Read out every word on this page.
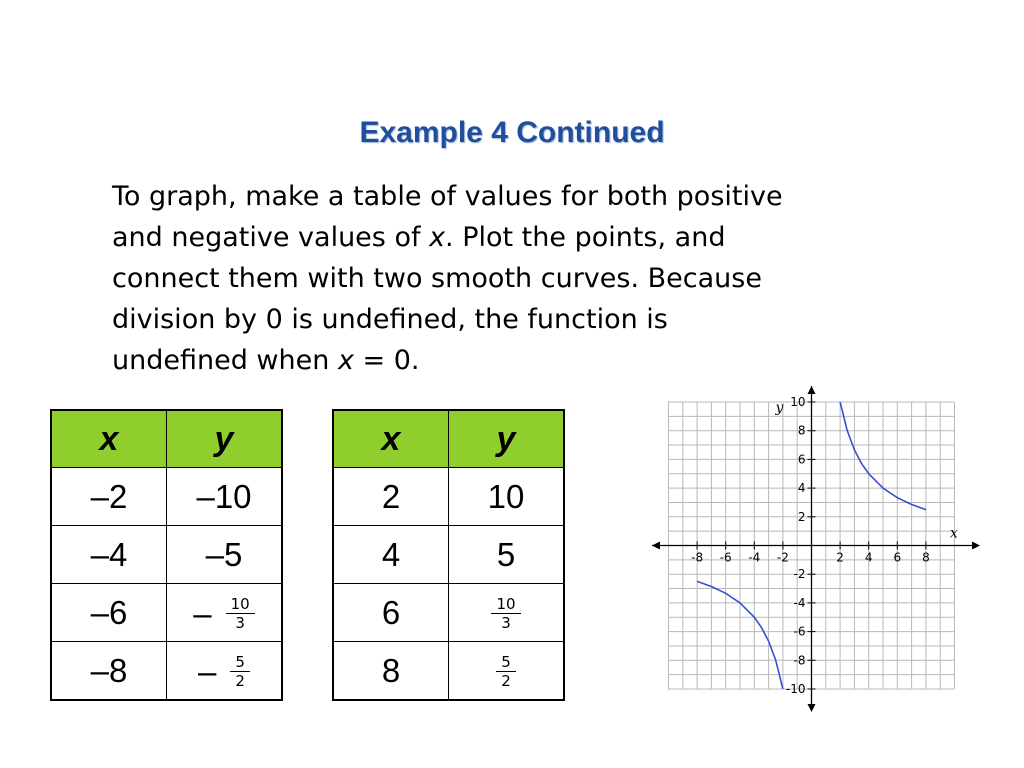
Example 4 Continued

To graph, make a table of values for both positive

and negative values of x. Plot the points, and

connect them with two smooth curves. Because

division by 0 is undefined, the function is

undefined when x = 0.

x	y
–2	–10
–4	–5
–6	– $\frac{10}{3}$

–8	– $\frac{5}{2}$
x	y
2	10
4	5
6	$\frac{10}{3}$

8	$\frac{5}{2}$
-8 -6 -4 -2	2 4 6 8
10
8
6
4
2
-2
-4
-6
-8
-10
x
y
